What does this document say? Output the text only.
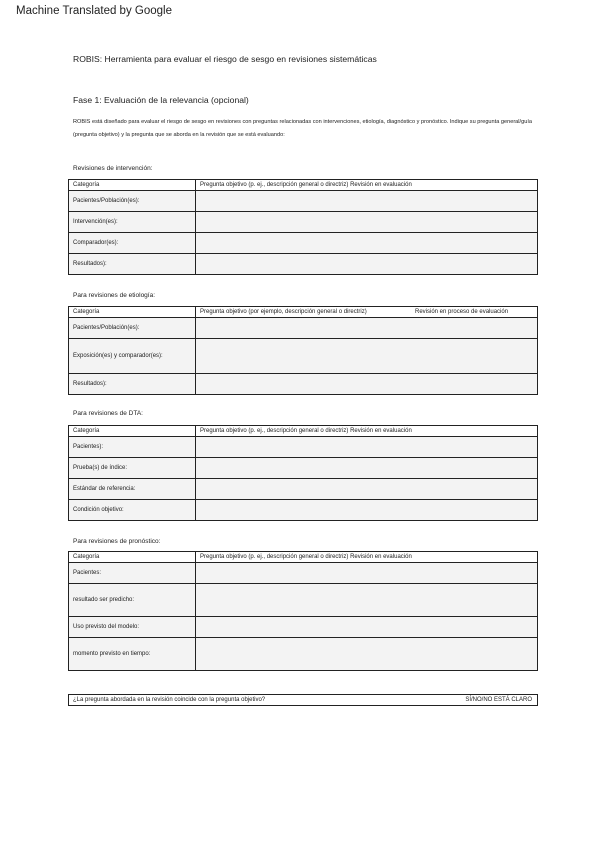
Machine Translated by Google
ROBIS: Herramienta para evaluar el riesgo de sesgo en revisiones sistemáticas
Fase 1: Evaluación de la relevancia (opcional)
ROBIS está diseñado para evaluar el riesgo de sesgo en revisiones con preguntas relacionadas con intervenciones, etiología, diagnóstico y pronóstico. Indique su pregunta general/guía (pregunta objetivo) y la pregunta que se aborda en la revisión que se está evaluando:
Revisiones de intervención:
Categoría	Pregunta objetivo (p. ej., descripción general o directriz) Revisión en evaluación
Pacientes/Población(es):	
Intervención(es):	
Comparador(es):	
Resultados):	
Para revisiones de etiología:
Categoría	Pregunta objetivo (por ejemplo, descripción general o directriz)	Revisión en proceso de evaluación
Pacientes/Población(es):		
Exposición(es) y comparador(es):		
Resultados):		
Para revisiones de DTA:
Categoría	Pregunta objetivo (p. ej., descripción general o directriz) Revisión en evaluación
Pacientes):	
Prueba(s) de índice:	
Estándar de referencia:	
Condición objetivo:	
Para revisiones de pronóstico:
Categoría	Pregunta objetivo (p. ej., descripción general o directriz) Revisión en evaluación
Pacientes:	
resultado ser predicho:	
Uso previsto del modelo:	
momento previsto en tiempo:	
¿La pregunta abordada en la revisión coincide con la pregunta objetivo?	SÍ/NO/NO ESTÁ CLARO
